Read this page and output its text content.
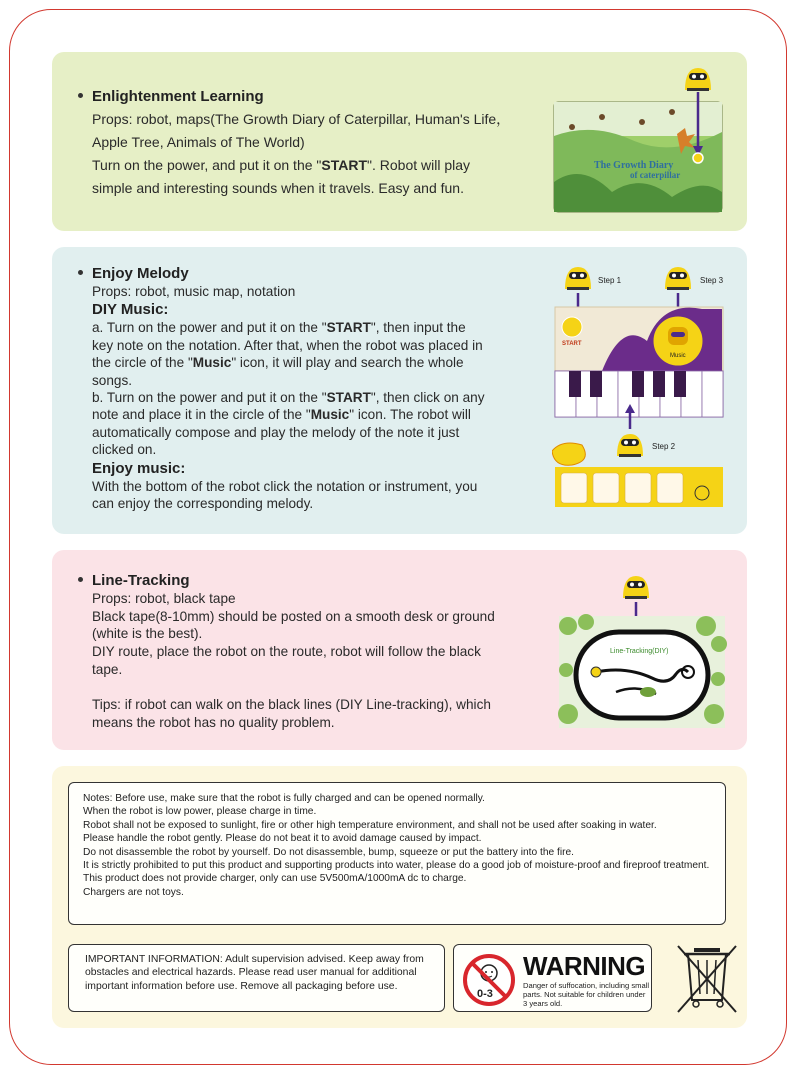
Enlightenment Learning

Props: robot, maps(The Growth Diary of Caterpillar, Human's Life，

Apple Tree, Animals of The World)

Turn on the power, and put it on the "START". Robot will play

simple and interesting sounds when it travels. Easy and fun.

The Growth Diary
of caterpillar
Enjoy Melody

Props: robot, music map, notation

DIY Music:

a. Turn on the power and put it on the "START", then input the

key note on the notation. After that, when the robot was placed in

the circle of the "Music" icon, it will play and search the whole

songs.

b. Turn on the power and put it on the "START", then click on any

note and place it in the circle of the "Music" icon. The robot will

automatically compose and play the melody of the note it just

clicked on.

Enjoy music:

With the bottom of the robot click the notation or instrument, you

can enjoy the corresponding melody.

Step 1	Step 3
Music
START
Step 2
Line-Tracking

Props: robot, black tape

Black tape(8-10mm) should be posted on a smooth desk or ground

(white is the best).

DIY route, place the robot on the route, robot will follow the black

tape.

Tips: if robot can walk on the black lines (DIY Line-tracking), which

means the robot has no quality problem.

Line-Tracking(DIY)

Notes: Before use, make sure that the robot is fully charged and can be opened normally.

When the robot is low power, please charge in time.

Robot shall not be exposed to sunlight, fire or other high temperature environment, and shall not be used after soaking in water.

Please handle the robot gently. Please do not beat it to avoid damage caused by impact.

Do not disassemble the robot by yourself. Do not disassemble, bump, squeeze or put the battery into the fire.

It is strictly prohibited to put this product and supporting products into water, please do a good job of moisture-proof and fireproof treatment.

This product does not provide charger, only can use 5V500mA/1000mA dc to charge.

Chargers are not toys.

IMPORTANT INFORMATION: Adult supervision advised. Keep away from obstacles and electrical hazards. Please read user manual for additional important information before use. Remove all packaging before use.
0-3
WARNING
Danger of suffocation, including small parts. Not suitable for children under 3 years old.
